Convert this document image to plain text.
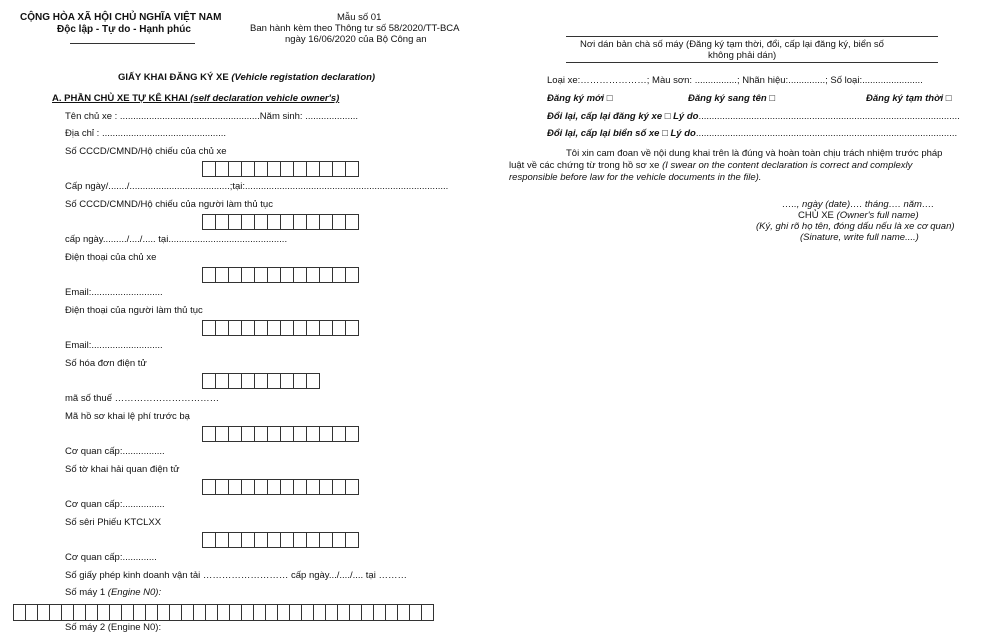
CỘNG HÒA XÃ HỘI CHỦ NGHĨA VIỆT NAM
Độc lập - Tự do - Hạnh phúc
Mẫu số 01
Ban hành kèm theo Thông tư số 58/2020/TT-BCA
ngày 16/06/2020 của Bộ Công an
GIẤY KHAI ĐĂNG KÝ XE (Vehicle registation declaration)
A. PHẦN CHỦ XE TỰ KÊ KHAI (self declaration vehicle owner's)
Tên chủ xe : .....................................................Năm sinh: ....................
Địa chỉ : ...............................................
Số CCCD/CMND/Hộ chiếu của chủ xe
Cấp ngày/......./......................................;tại:.............................................................................
Số CCCD/CMND/Hộ chiếu của người làm thủ tục
cấp ngày........./..../..... tại.............................................
Điện thoại của chủ xe
Email:...........................
Điện thoại của người làm thủ tục
Email:...........................
Số hóa đơn điện tử
mã số thuế ……………………………
Mã hồ sơ khai lệ phí trước bạ
Cơ quan cấp:................
Số tờ khai hải quan điện tử
Cơ quan cấp:................
Số sêri Phiếu KTCLXX
Cơ quan cấp:.............
Số giấy phép kinh doanh vận tải ……………………… cấp ngày.../..../.... tại ………
Số máy 1 (Engine N0):
Số máy 2 (Engine N0):
Nơi dán bản chà số máy (Đăng ký tạm thời, đổi, cấp lại đăng ký, biển số
không phải dán)
Loại xe:…………………; Màu sơn: ................; Nhãn hiệu:..............; Số loại:.......................
Đăng ký mới □	Đăng ký sang tên □	Đăng ký tạm thời □
Đổi lại, cấp lại đăng ký xe □ Lý do...................................................................................................
Đổi lại, cấp lại biển số xe □ Lý do...................................................................................................
Tôi xin cam đoan về nội dung khai trên là đúng và hoàn toàn chịu trách nhiệm trước pháp
luật về các chứng từ trong hồ sơ xe (I swear on the content declaration is correct and complexly
responsible before law for the vehicle documents in the file).
….., ngày (date)…. tháng…. năm….
CHỦ XE (Owner's full name)
(Ký, ghi rõ họ tên, đóng dấu nếu là xe cơ quan)
(Sinature, write full name....)
